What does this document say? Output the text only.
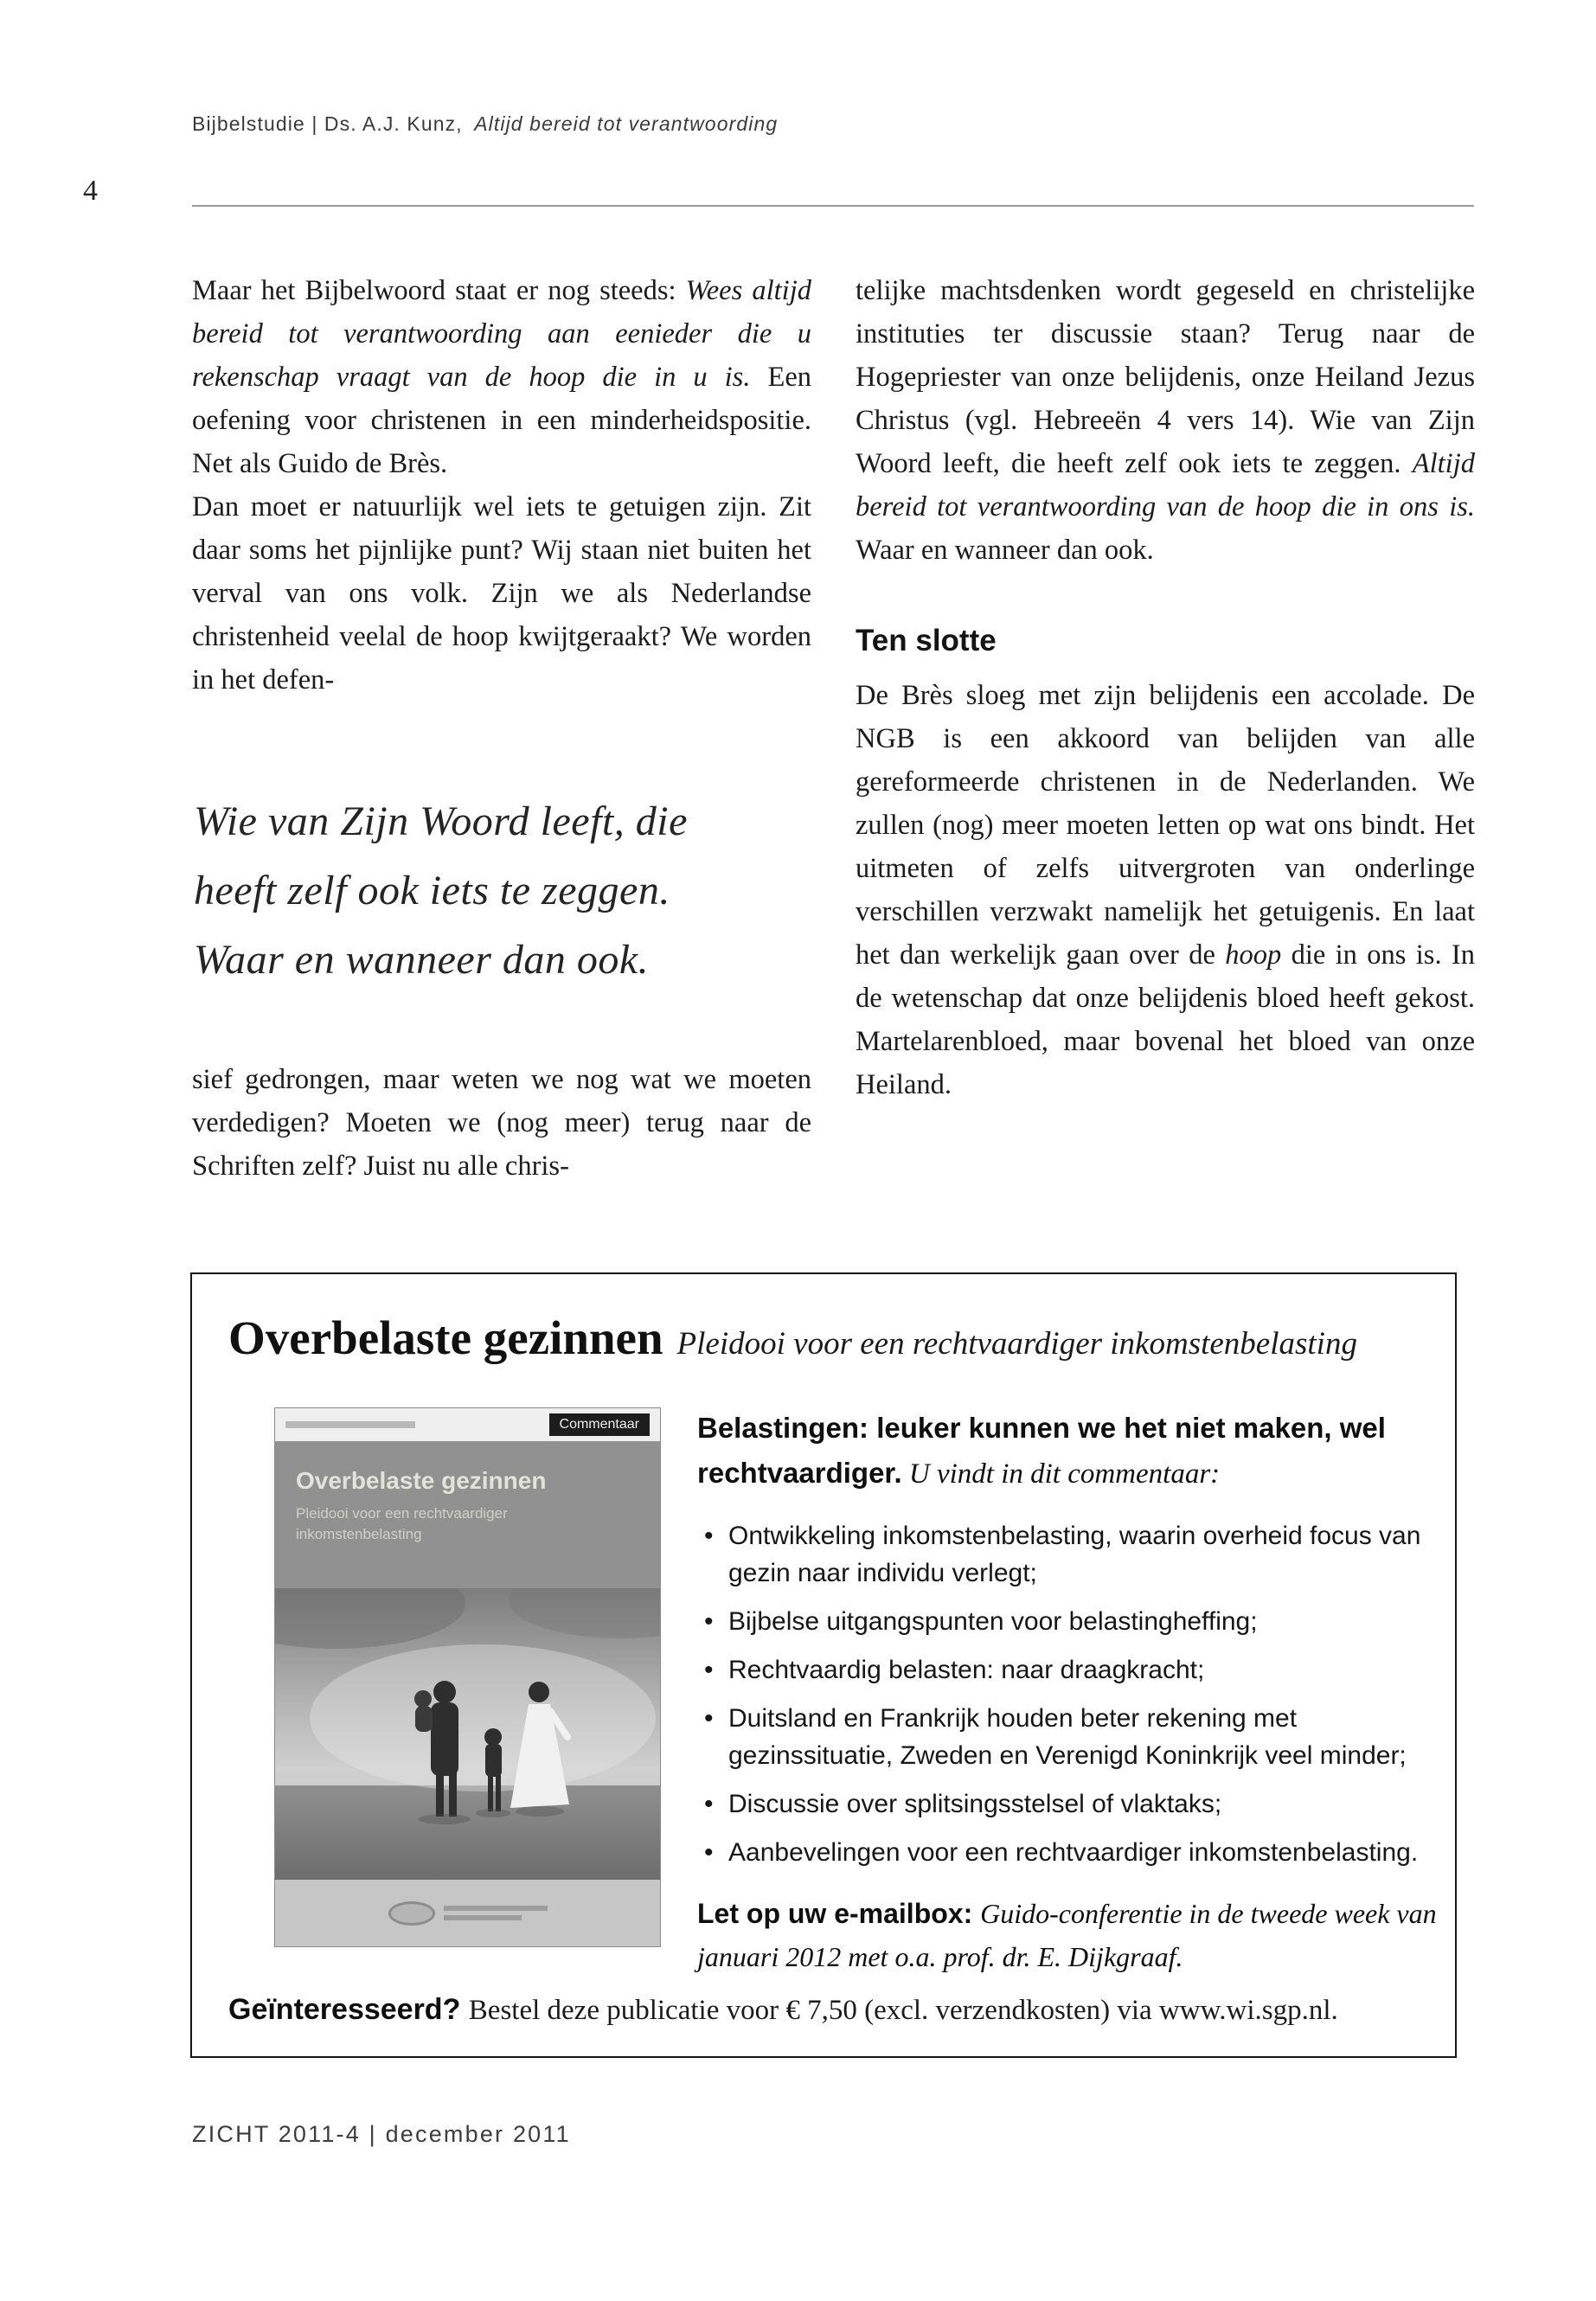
Bijbelstudie | Ds. A.J. Kunz, Altijd bereid tot verantwoording
4

Maar het Bijbelwoord staat er nog steeds: Wees altijd bereid tot verantwoording aan eenieder die u rekenschap vraagt van de hoop die in u is. Een oefening voor christenen in een minderheidspositie. Net als Guido de Brès.

Dan moet er natuurlijk wel iets te getuigen zijn. Zit daar soms het pijnlijke punt? Wij staan niet buiten het verval van ons volk. Zijn we als Nederlandse christenheid veelal de hoop kwijtgeraakt? We worden in het defen-

Wie van Zijn Woord leeft, die
heeft zelf ook iets te zeggen.
Waar en wanneer dan ook.

sief gedrongen, maar weten we nog wat we moeten verdedigen? Moeten we (nog meer) terug naar de Schriften zelf? Juist nu alle chris-

telijke machtsdenken wordt gegeseld en christelijke instituties ter discussie staan? Terug naar de Hogepriester van onze belijdenis, onze Heiland Jezus Christus (vgl. Hebreeën 4 vers 14). Wie van Zijn Woord leeft, die heeft zelf ook iets te zeggen. Altijd bereid tot verantwoording van de hoop die in ons is. Waar en wanneer dan ook.

Ten slotte

De Brès sloeg met zijn belijdenis een accolade. De NGB is een akkoord van belijden van alle gereformeerde christenen in de Nederlanden. We zullen (nog) meer moeten letten op wat ons bindt. Het uitmeten of zelfs uitvergroten van onderlinge verschillen verzwakt namelijk het getuigenis. En laat het dan werkelijk gaan over de hoop die in ons is. In de wetenschap dat onze belijdenis bloed heeft gekost. Martelarenbloed, maar bovenal het bloed van onze Heiland.

Overbelaste gezinnen Pleidooi voor een rechtvaardiger inkomstenbelasting
Commentaar
Overbelaste gezinnen
Pleidooi voor een rechtvaardiger inkomstenbelasting

Belastingen: leuker kunnen we het niet maken, wel rechtvaardiger. U vindt in dit commentaar:

• Ontwikkeling inkomstenbelasting, waarin overheid focus van gezin naar individu verlegt;
• Bijbelse uitgangspunten voor belastingheffing;
• Rechtvaardig belasten: naar draagkracht;
• Duitsland en Frankrijk houden beter rekening met gezinssituatie, Zweden en Verenigd Koninkrijk veel minder;
• Discussie over splitsingsstelsel of vlaktaks;
• Aanbevelingen voor een rechtvaardiger inkomstenbelasting.

Let op uw e-mailbox: Guido-conferentie in de tweede week van januari 2012 met o.a. prof. dr. E. Dijkgraaf.

Geïnteresseerd? Bestel deze publicatie voor € 7,50 (excl. verzendkosten) via www.wi.sgp.nl.

ZICHT 2011-4 | december 2011
